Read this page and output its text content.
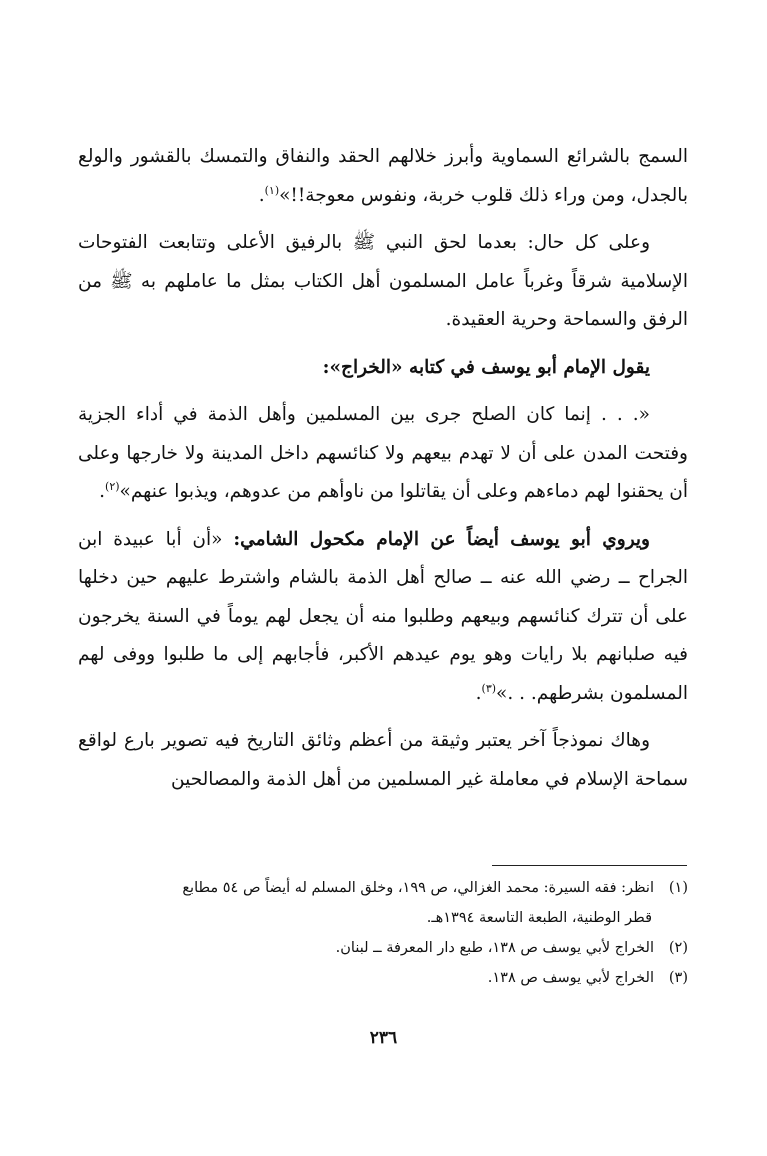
السمج بالشرائع السماوية وأبرز خلالهم الحقد والنفاق والتمسك بالقشور والولع بالجدل، ومن وراء ذلك قلوب خربة، ونفوس معوجة!!»$^{(١)}$.

وعلى كل حال: بعدما لحق النبي ﷺ بالرفيق الأعلى وتتابعت الفتوحات الإسلامية شرقاً وغرباً عامل المسلمون أهل الكتاب بمثل ما عاملهم به ﷺ من الرفق والسماحة وحرية العقيدة.

يقول الإمام أبو يوسف في كتابه «الخراج»:

«. . . إنما كان الصلح جرى بين المسلمين وأهل الذمة في أداء الجزية وفتحت المدن على أن لا تهدم بيعهم ولا كنائسهم داخل المدينة ولا خارجها وعلى أن يحقنوا لهم دماءهم وعلى أن يقاتلوا من ناوأهم من عدوهم، ويذبوا عنهم»$^{(٢)}$.

ويروي أبو يوسف أيضاً عن الإمام مكحول الشامي: «أن أبا عبيدة ابن الجراح ــ رضي الله عنه ــ صالح أهل الذمة بالشام واشترط عليهم حين دخلها على أن تترك كنائسهم وبيعهم وطلبوا منه أن يجعل لهم يوماً في السنة يخرجون فيه صلبانهم بلا رايات وهو يوم عيدهم الأكبر، فأجابهم إلى ما طلبوا ووفى لهم المسلمون بشرطهم. . .»$^{(٣)}$.

وهاك نموذجاً آخر يعتبر وثيقة من أعظم وثائق التاريخ فيه تصوير بارع لواقع سماحة الإسلام في معاملة غير المسلمين من أهل الذمة والمصالحين

(١)انظر: فقه السيرة: محمد الغزالي، ص ١٩٩، وخلق المسلم له أيضاً ص ٥٤ مطابع

قطر الوطنية، الطبعة التاسعة ١٣٩٤هـ.

(٢)الخراج لأبي يوسف ص ١٣٨، طبع دار المعرفة ــ لبنان.

(٣)الخراج لأبي يوسف ص ١٣٨.

٢٣٦
